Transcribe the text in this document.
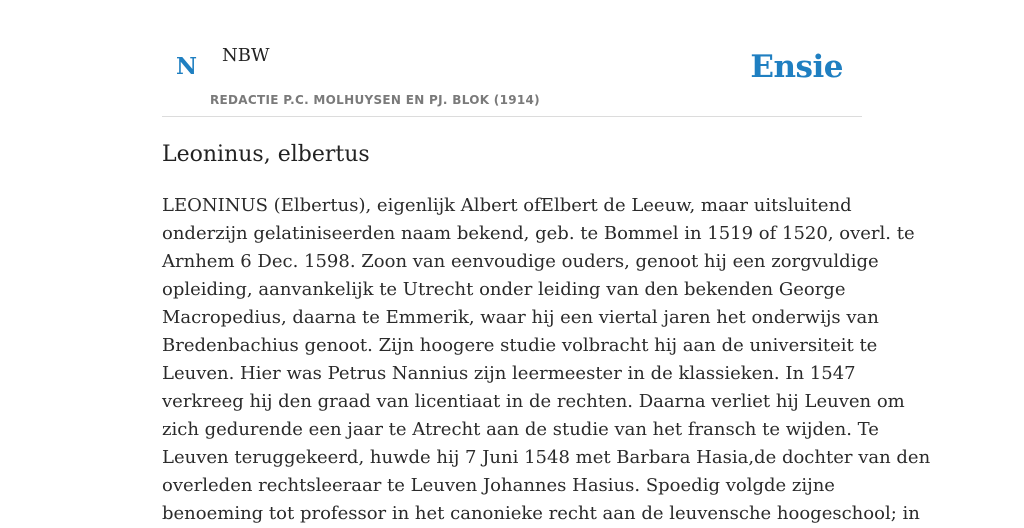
N NBW
REDACTIE P.C. MOLHUYSEN EN PJ. BLOK (1914)
Ensie
Leoninus, elbertus
LEONINUS (Elbertus), eigenlijk Albert ofElbert de Leeuw, maar uitsluitend
onderzijn gelatiniseerden naam bekend, geb. te Bommel in 1519 of 1520, overl. te
Arnhem 6 Dec. 1598. Zoon van eenvoudige ouders, genoot hij een zorgvuldige
opleiding, aanvankelijk te Utrecht onder leiding van den bekenden George
Macropedius, daarna te Emmerik, waar hij een viertal jaren het onderwijs van
Bredenbachius genoot. Zijn hoogere studie volbracht hij aan de universiteit te
Leuven. Hier was Petrus Nannius zijn leermeester in de klassieken. In 1547
verkreeg hij den graad van licentiaat in de rechten. Daarna verliet hij Leuven om
zich gedurende een jaar te Atrecht aan de studie van het fransch te wijden. Te
Leuven teruggekeerd, huwde hij 7 Juni 1548 met Barbara Hasia,de dochter van den
overleden rechtsleeraar te Leuven Johannes Hasius. Spoedig volgde zijne
benoeming tot professor in het canonieke recht aan de leuvensche hoogeschool; in
